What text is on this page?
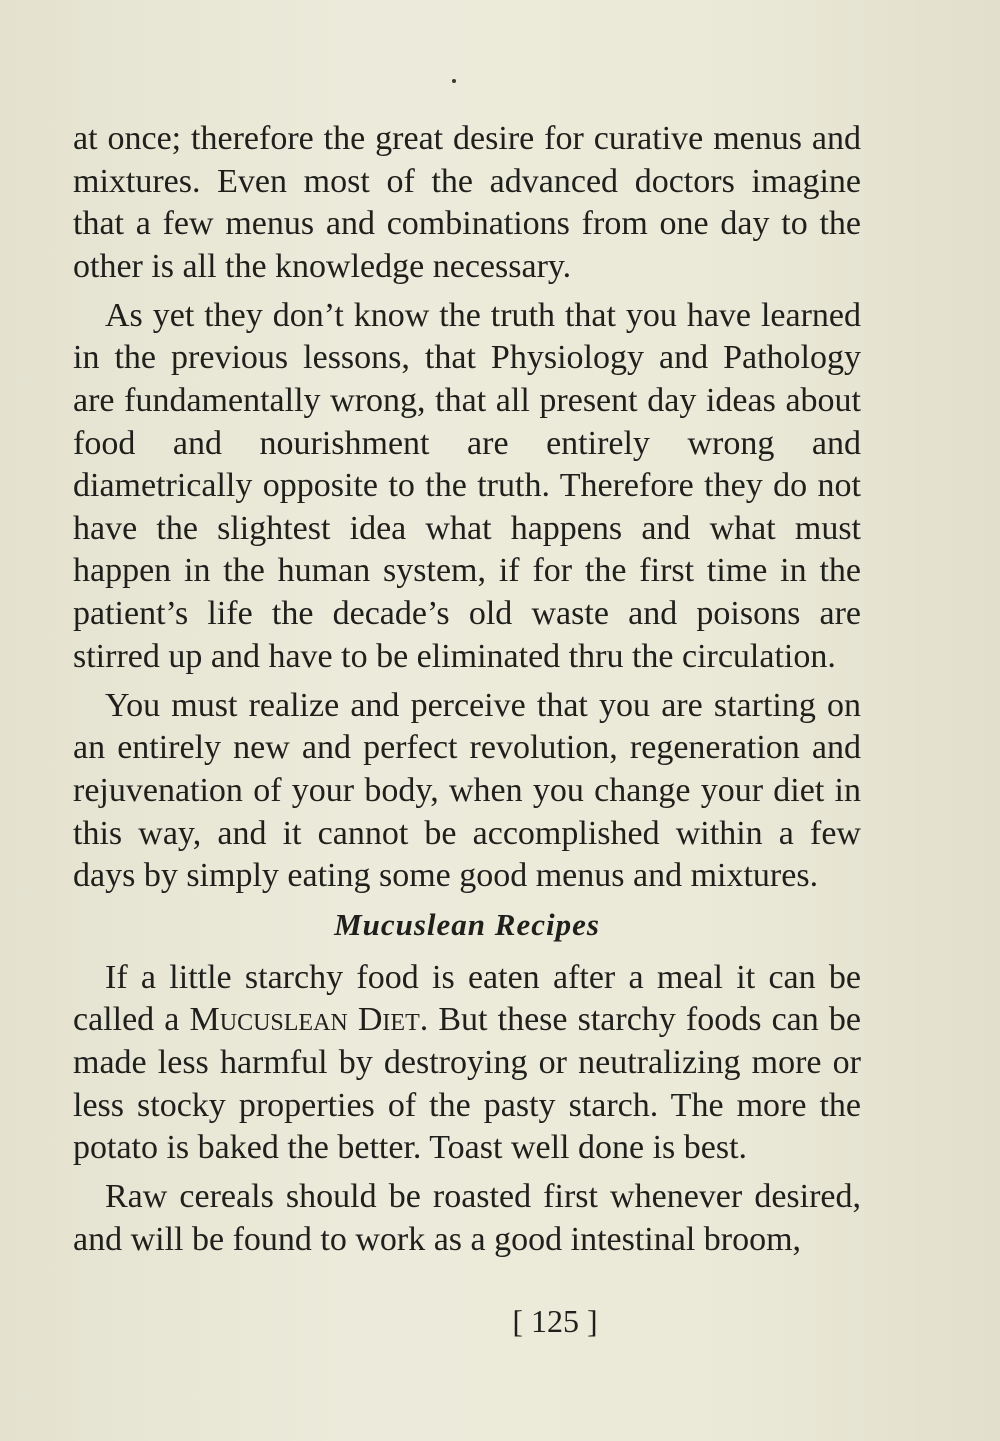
at once; therefore the great desire for curative menus and mixtures. Even most of the advanced doctors imagine that a few menus and combinations from one day to the other is all the knowledge necessary.

As yet they don’t know the truth that you have learned in the previous lessons, that Physiology and Pathology are fundamentally wrong, that all present day ideas about food and nourishment are entirely wrong and diametrically opposite to the truth. Therefore they do not have the slightest idea what happens and what must happen in the human system, if for the first time in the patient’s life the decade’s old waste and poisons are stirred up and have to be eliminated thru the circulation.

You must realize and perceive that you are starting on an entirely new and perfect revolution, regeneration and rejuvenation of your body, when you change your diet in this way, and it cannot be accomplished within a few days by simply eating some good menus and mixtures.

Mucuslean Recipes

If a little starchy food is eaten after a meal it can be called a Mucuslean Diet. But these starchy foods can be made less harmful by destroying or neutralizing more or less stocky properties of the pasty starch. The more the potato is baked the better. Toast well done is best.

Raw cereals should be roasted first whenever desired, and will be found to work as a good intestinal broom,

[ 125 ]
